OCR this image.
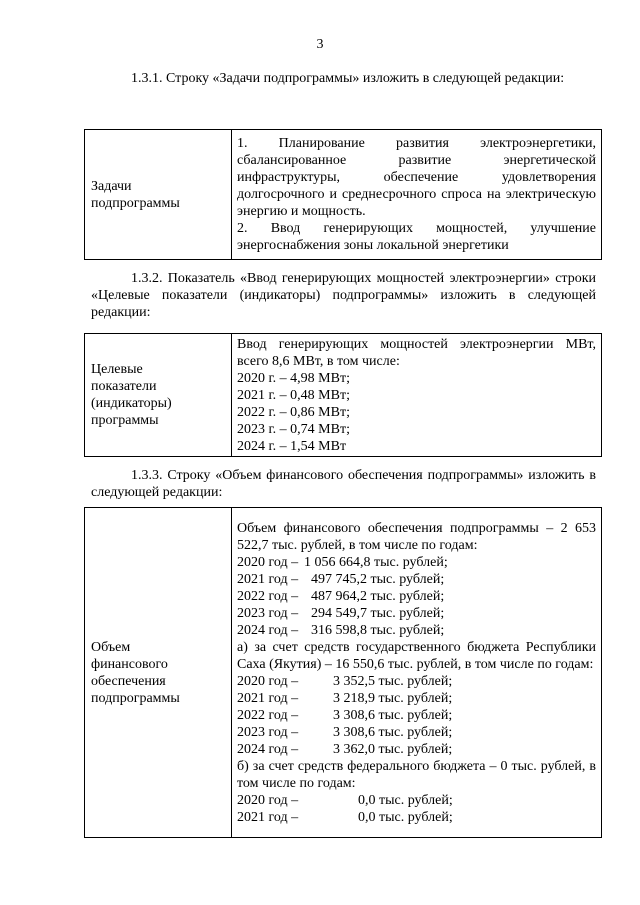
3
1.3.1. Строку «Задачи подпрограммы» изложить в следующей редакции:
Задачи подпрограммы

1. Планирование развития электроэнергетики, сбалансированное развитие энергетической инфраструктуры, обеспечение удовлетворения долгосрочного и среднесрочного спроса на электрическую энергию и мощность.
2. Ввод генерирующих мощностей, улучшение энергоснабжения зоны локальной энергетики
1.3.2. Показатель «Ввод генерирующих мощностей электроэнергии» строки «Целевые показатели (индикаторы) подпрограммы» изложить в следующей редакции:
Целевые показатели (индикаторы) программы

Ввод генерирующих мощностей электроэнергии МВт, всего 8,6 МВт, в том числе:
2020 г. – 4,98 МВт;
2021 г. – 0,48 МВт;
2022 г. – 0,86 МВт;
2023 г. – 0,74 МВт;
2024 г. – 1,54 МВт
1.3.3. Строку «Объем финансового обеспечения подпрограммы» изложить в следующей редакции:
Объем финансового обеспечения подпрограммы

Объем финансового обеспечения подпрограммы – 2 653 522,7 тыс. рублей, в том числе по годам:
2020 год – 1 056 664,8 тыс. рублей;
2021 год – 497 745,2 тыс. рублей;
2022 год – 487 964,2 тыс. рублей;
2023 год – 294 549,7 тыс. рублей;
2024 год – 316 598,8 тыс. рублей;
а) за счет средств государственного бюджета Республики Саха (Якутия) – 16 550,6 тыс. рублей, в том числе по годам:
2020 год –	3 352,5 тыс. рублей;
2021 год –	3 218,9 тыс. рублей;
2022 год –	3 308,6 тыс. рублей;
2023 год –	3 308,6 тыс. рублей;
2024 год –	3 362,0 тыс. рублей;
б) за счет средств федерального бюджета – 0 тыс. рублей, в том числе по годам:
2020 год –	0,0 тыс. рублей;
2021 год –	0,0 тыс. рублей;
